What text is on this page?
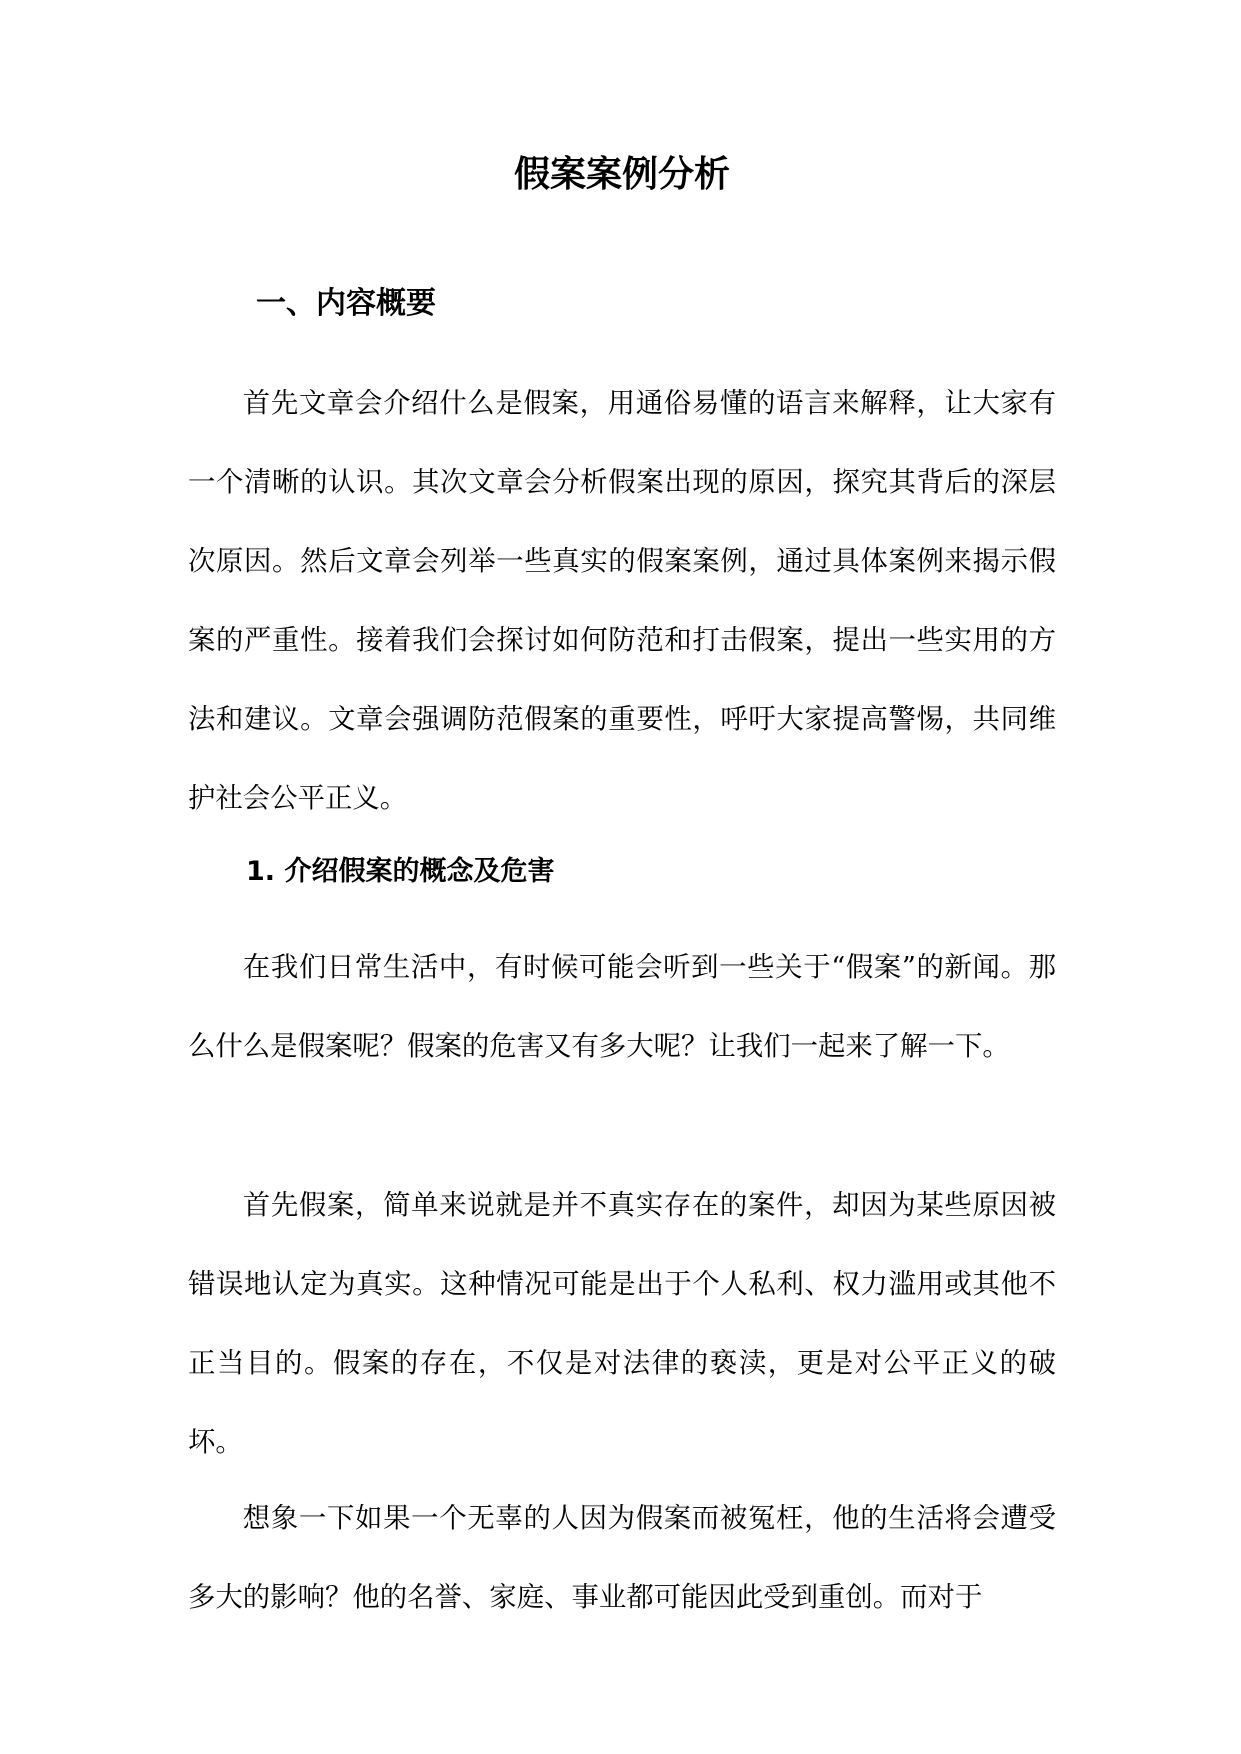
假案案例分析
一、内容概要

首先文章会介绍什么是假案，用通俗易懂的语言来解释，让大家有一个清晰的认识。其次文章会分析假案出现的原因，探究其背后的深层次原因。然后文章会列举一些真实的假案案例，通过具体案例来揭示假案的严重性。接着我们会探讨如何防范和打击假案，提出一些实用的方法和建议。文章会强调防范假案的重要性，呼吁大家提高警惕，共同维护社会公平正义。

1. 介绍假案的概念及危害

在我们日常生活中，有时候可能会听到一些关于“假案”的新闻。那么什么是假案呢？假案的危害又有多大呢？让我们一起来了解一下。

首先假案，简单来说就是并不真实存在的案件，却因为某些原因被错误地认定为真实。这种情况可能是出于个人私利、权力滥用或其他不正当目的。假案的存在，不仅是对法律的亵渎，更是对公平正义的破坏。

想象一下如果一个无辜的人因为假案而被冤枉，他的生活将会遭受多大的影响？他的名誉、家庭、事业都可能因此受到重创。而对于
